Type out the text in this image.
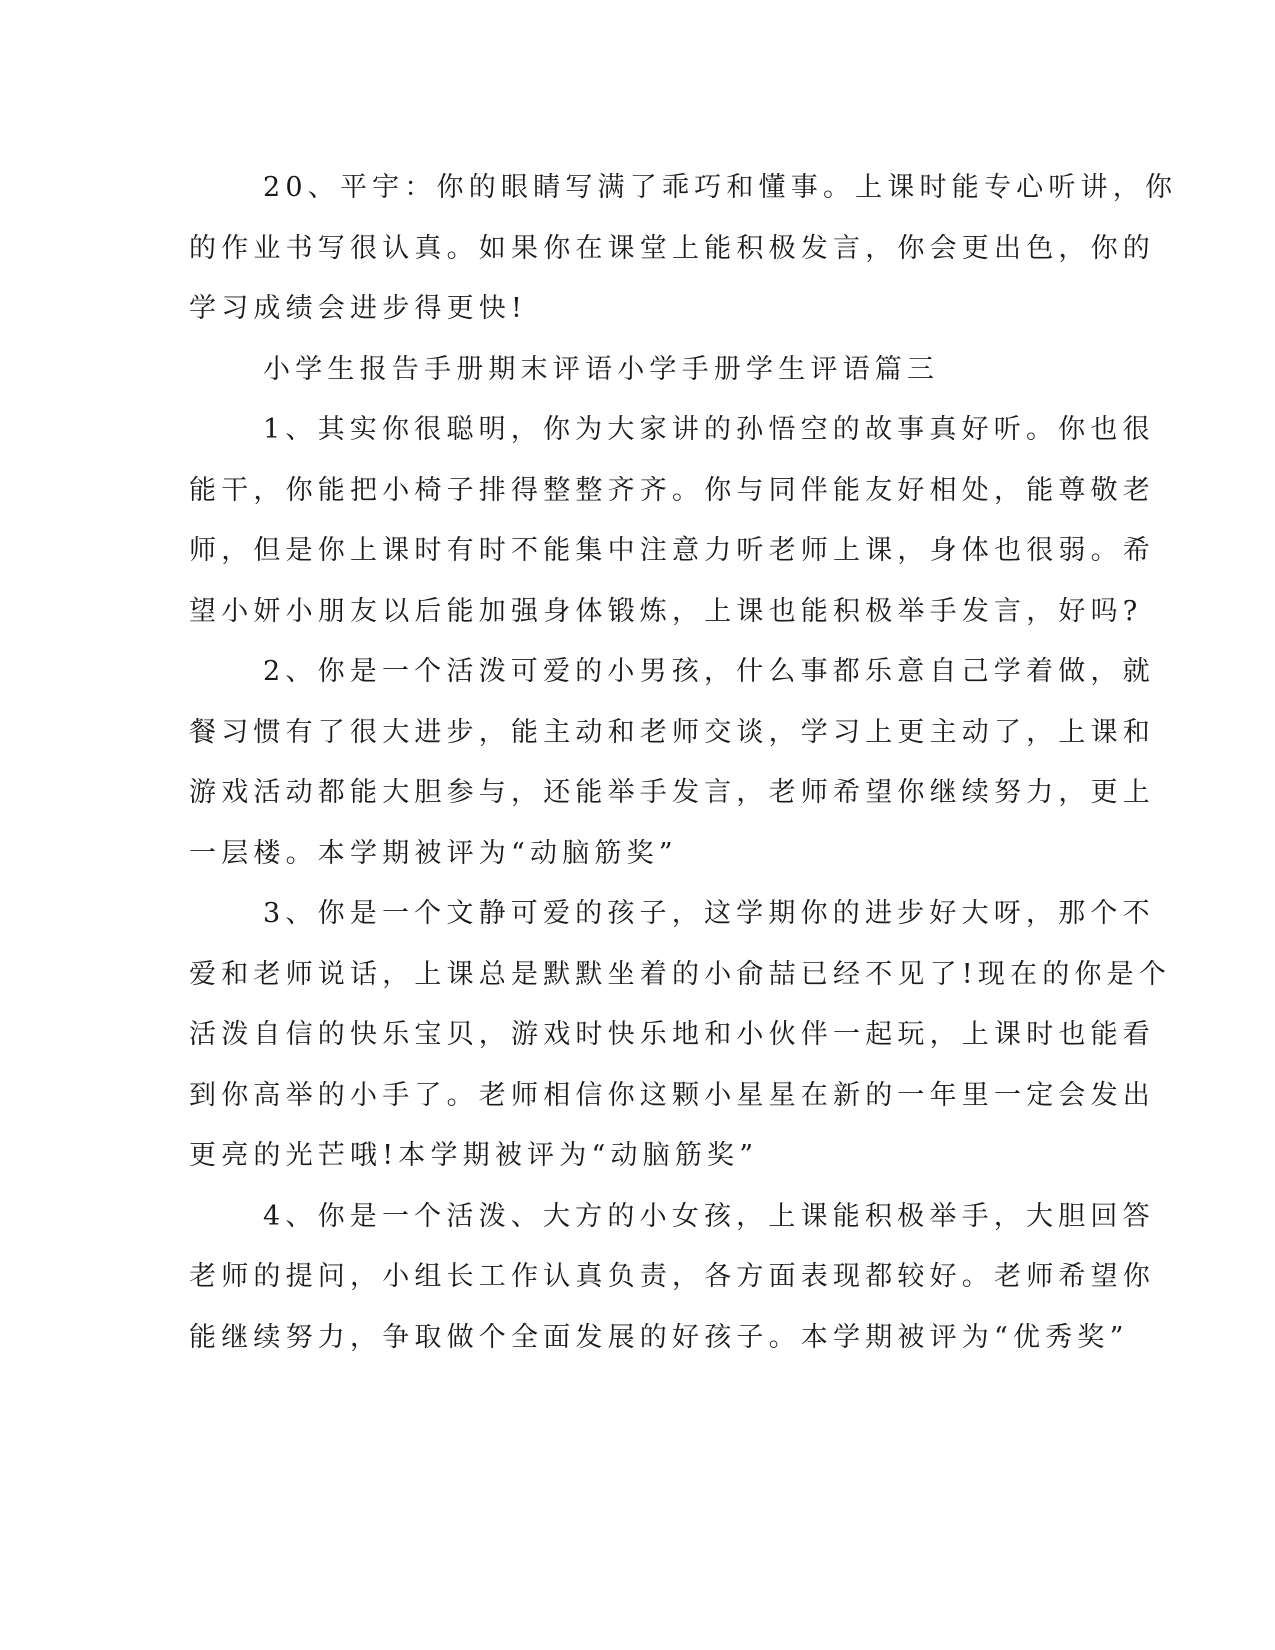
20、平宇：你的眼睛写满了乖巧和懂事。上课时能专心听讲，你
的作业书写很认真。如果你在课堂上能积极发言，你会更出色，你的
学习成绩会进步得更快!
小学生报告手册期末评语小学手册学生评语篇三
1、其实你很聪明，你为大家讲的孙悟空的故事真好听。你也很
能干，你能把小椅子排得整整齐齐。你与同伴能友好相处，能尊敬老
师，但是你上课时有时不能集中注意力听老师上课，身体也很弱。希
望小妍小朋友以后能加强身体锻炼，上课也能积极举手发言，好吗?
2、你是一个活泼可爱的小男孩，什么事都乐意自己学着做，就
餐习惯有了很大进步，能主动和老师交谈，学习上更主动了，上课和
游戏活动都能大胆参与，还能举手发言，老师希望你继续努力，更上
一层楼。本学期被评为“动脑筋奖”
3、你是一个文静可爱的孩子，这学期你的进步好大呀，那个不
爱和老师说话，上课总是默默坐着的小俞喆已经不见了!现在的你是个
活泼自信的快乐宝贝，游戏时快乐地和小伙伴一起玩，上课时也能看
到你高举的小手了。老师相信你这颗小星星在新的一年里一定会发出
更亮的光芒哦!本学期被评为“动脑筋奖”
4、你是一个活泼、大方的小女孩，上课能积极举手，大胆回答
老师的提问，小组长工作认真负责，各方面表现都较好。老师希望你
能继续努力，争取做个全面发展的好孩子。本学期被评为“优秀奖”
